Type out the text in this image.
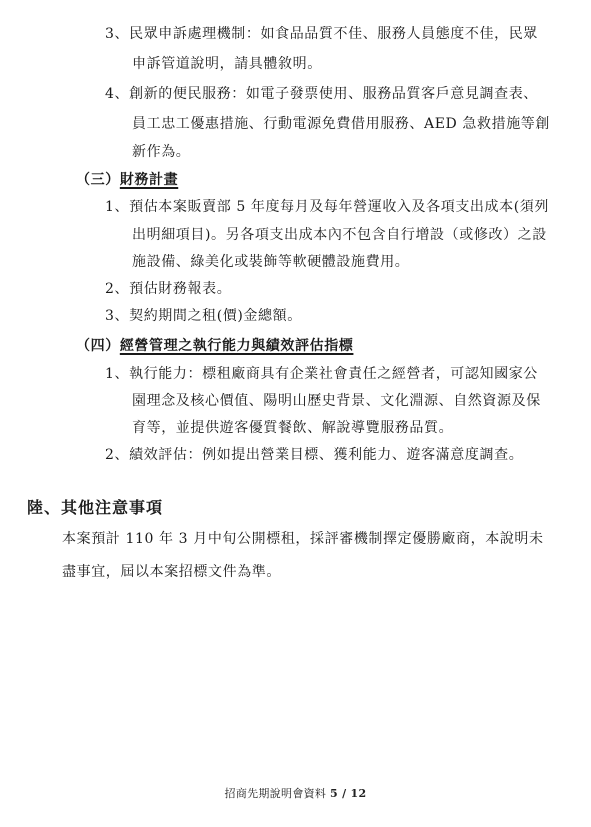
3、民眾申訴處理機制：如食品品質不佳、服務人員態度不佳，民眾
申訴管道說明，請具體敘明。
4、創新的便民服務：如電子發票使用、服務品質客戶意見調查表、
員工忠工優惠措施、行動電源免費借用服務、AED 急救措施等創
新作為。
（三）財務計畫
1、預估本案販賣部 5 年度每月及每年營運收入及各項支出成本(須列
出明細項目)。另各項支出成本內不包含自行增設（或修改）之設
施設備、綠美化或裝飾等軟硬體設施費用。
2、預估財務報表。
3、契約期間之租(價)金總額。
（四）經營管理之執行能力與績效評估指標
1、執行能力：標租廠商具有企業社會責任之經營者，可認知國家公
園理念及核心價值、陽明山歷史背景、文化淵源、自然資源及保
育等，並提供遊客優質餐飲、解說導覽服務品質。
2、績效評估：例如提出營業目標、獲利能力、遊客滿意度調查。
陸、其他注意事項
本案預計 110 年 3 月中旬公開標租，採評審機制擇定優勝廠商，本說明未
盡事宜，屆以本案招標文件為準。
招商先期說明會資料 5 / 12
